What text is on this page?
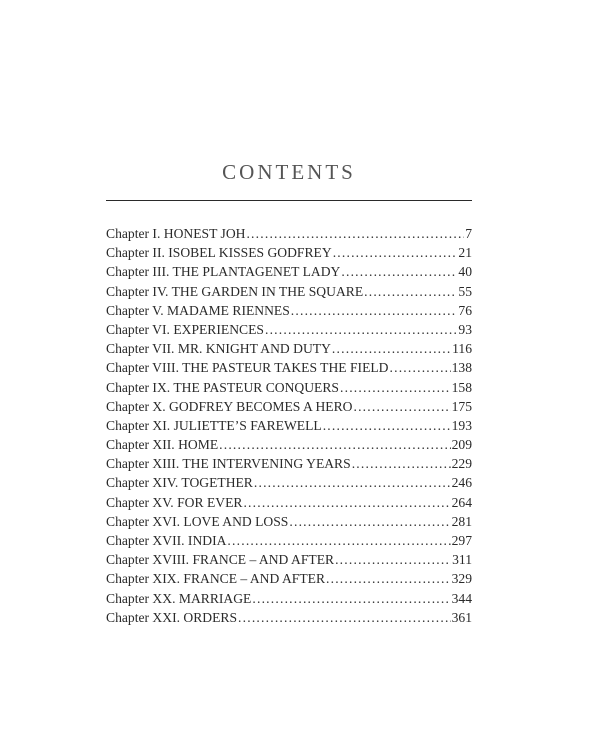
CONTENTS
Chapter I. HONEST JOH .....	7
Chapter II. ISOBEL KISSES GODFREY .....	21
Chapter III. THE PLANTAGENET LADY .....	40
Chapter IV. THE GARDEN IN THE SQUARE .....	55
Chapter V. MADAME RIENNES .....	76
Chapter VI. EXPERIENCES .....	93
Chapter VII. MR. KNIGHT AND DUTY .....	116
Chapter VIII. THE PASTEUR TAKES THE FIELD .....	138
Chapter IX. THE PASTEUR CONQUERS .....	158
Chapter X. GODFREY BECOMES A HERO .....	175
Chapter XI. JULIETTE’S FAREWELL .....	193
Chapter XII. HOME .....	209
Chapter XIII. THE INTERVENING YEARS .....	229
Chapter XIV. TOGETHER .....	246
Chapter XV. FOR EVER .....	264
Chapter XVI. LOVE AND LOSS .....	281
Chapter XVII. INDIA .....	297
Chapter XVIII. FRANCE – AND AFTER .....	311
Chapter XIX. FRANCE – AND AFTER .....	329
Chapter XX. MARRIAGE .....	344
Chapter XXI. ORDERS .....	361
